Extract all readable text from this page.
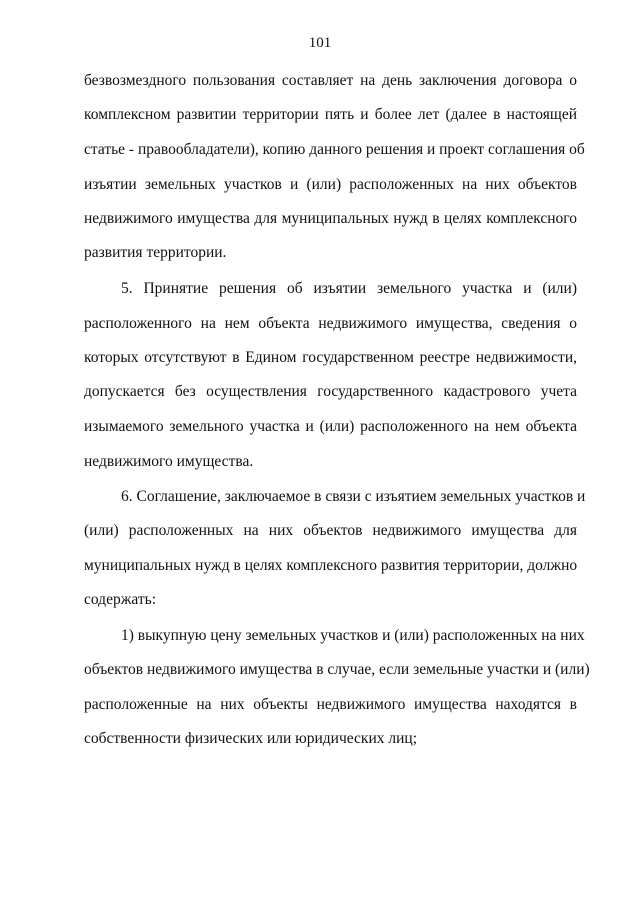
101
безвозмездного пользования составляет на день заключения договора о
комплексном развитии территории пять и более лет (далее в настоящей
статье - правообладатели), копию данного решения и проект соглашения об
изъятии земельных участков и (или) расположенных на них объектов
недвижимого имущества для муниципальных нужд в целях комплексного
развития территории.
5. Принятие решения об изъятии земельного участка и (или)
расположенного на нем объекта недвижимого имущества, сведения о
которых отсутствуют в Едином государственном реестре недвижимости,
допускается без осуществления государственного кадастрового учета
изымаемого земельного участка и (или) расположенного на нем объекта
недвижимого имущества.
6. Соглашение, заключаемое в связи с изъятием земельных участков и
(или) расположенных на них объектов недвижимого имущества для
муниципальных нужд в целях комплексного развития территории, должно
содержать:
1) выкупную цену земельных участков и (или) расположенных на них
объектов недвижимого имущества в случае, если земельные участки и (или)
расположенные на них объекты недвижимого имущества находятся в
собственности физических или юридических лиц;
